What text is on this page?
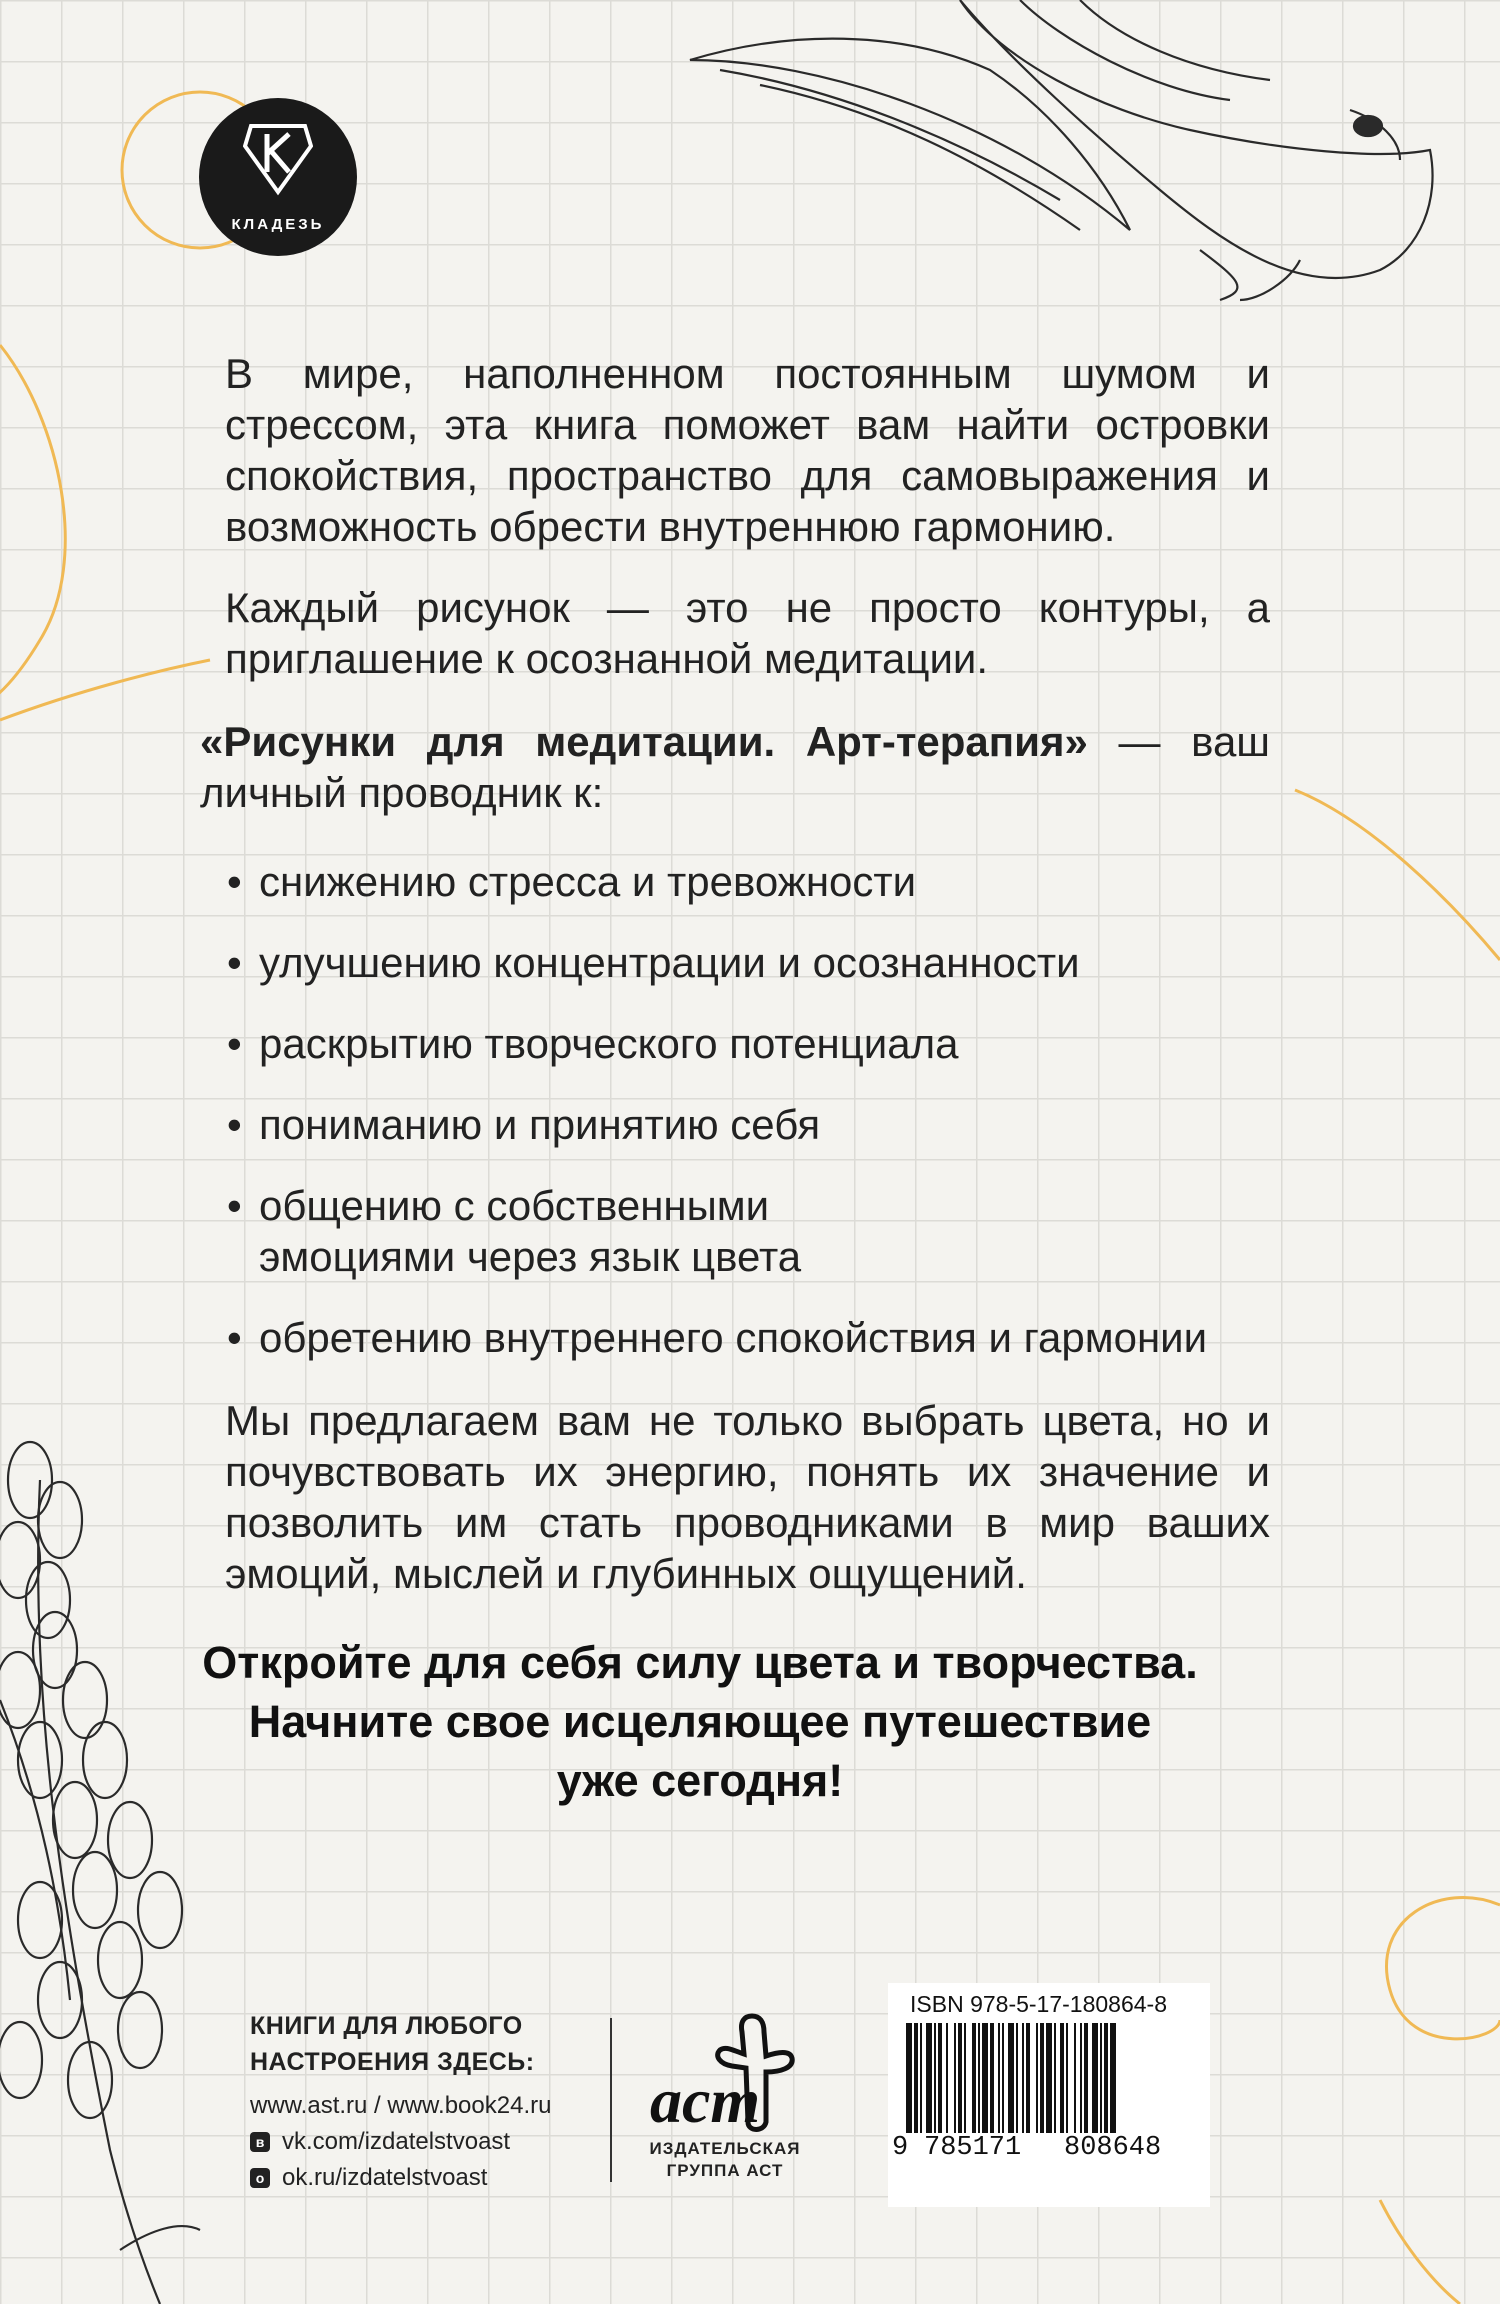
КЛАДЕЗЬ

В мире, наполненном постоянным шумом и стрессом, эта книга поможет вам найти островки спокойствия, пространство для самовыражения и возможность обрести внутреннюю гармонию.

Каждый рисунок — это не просто контуры, а приглашение к осознанной медитации.

«Рисунки для медитации. Арт-терапия» — ваш личный проводник к:

• снижению стресса и тревожности
• улучшению концентрации и осознанности
• раскрытию творческого потенциала
• пониманию и принятию себя
• общению с собственными эмоциями через язык цвета
• обретению внутреннего спокойствия и гармонии

Мы предлагаем вам не только выбрать цвета, но и почувствовать их энергию, понять их значение и позволить им стать проводниками в мир ваших эмоций, мыслей и глубинных ощущений.

Откройте для себя силу цвета и творчества.
Начните свое исцеляющее путешествие
уже сегодня!
КНИГИ ДЛЯ ЛЮБОГО
НАСТРОЕНИЯ ЗДЕСЬ:
www.ast.ru / www.book24.ru
в vk.com/izdatelstvoast
о ok.ru/izdatelstvoast
аст
ИЗДАТЕЛЬСКАЯ
ГРУППА АСТ
ISBN 978-5-17-180864-8
9 785171 808648
